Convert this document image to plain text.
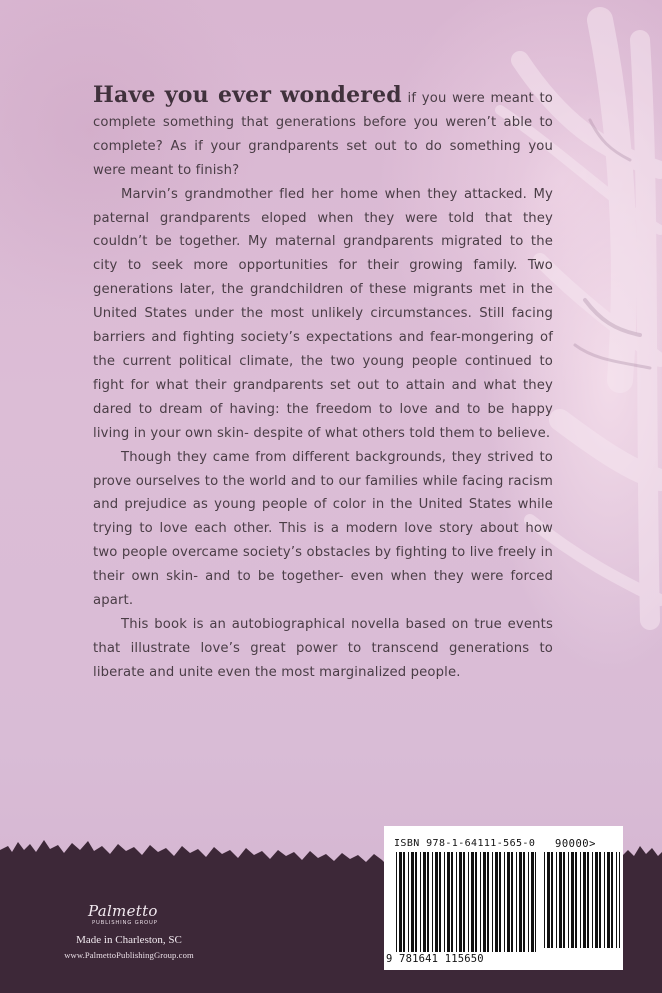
Have you ever wondered if you were meant to complete something that generations before you weren’t able to complete? As if your grandparents set out to do something you were meant to finish?

Marvin’s grandmother fled her home when they attacked. My paternal grandparents eloped when they were told that they couldn’t be together. My maternal grandparents migrated to the city to seek more opportunities for their growing family. Two generations later, the grandchildren of these migrants met in the United States under the most unlikely circumstances. Still facing barriers and fighting society’s expectations and fear-mongering of the current political climate, the two young people continued to fight for what their grandparents set out to attain and what they dared to dream of having: the freedom to love and to be happy living in your own skin- despite of what others told them to believe.

Though they came from different backgrounds, they strived to prove ourselves to the world and to our families while facing racism and prejudice as young people of color in the United States while trying to love each other. This is a modern love story about how two people overcame society’s obstacles by fighting to live freely in their own skin- and to be together- even when they were forced apart.

This book is an autobiographical novella based on true events that illustrate love’s great power to transcend generations to liberate and unite even the most marginalized people.

Palmetto
PUBLISHING GROUP
Made in Charleston, SC
www.PalmettoPublishingGroup.com
ISBN 978-1-64111-565-0 90000>
9 781641 115650
